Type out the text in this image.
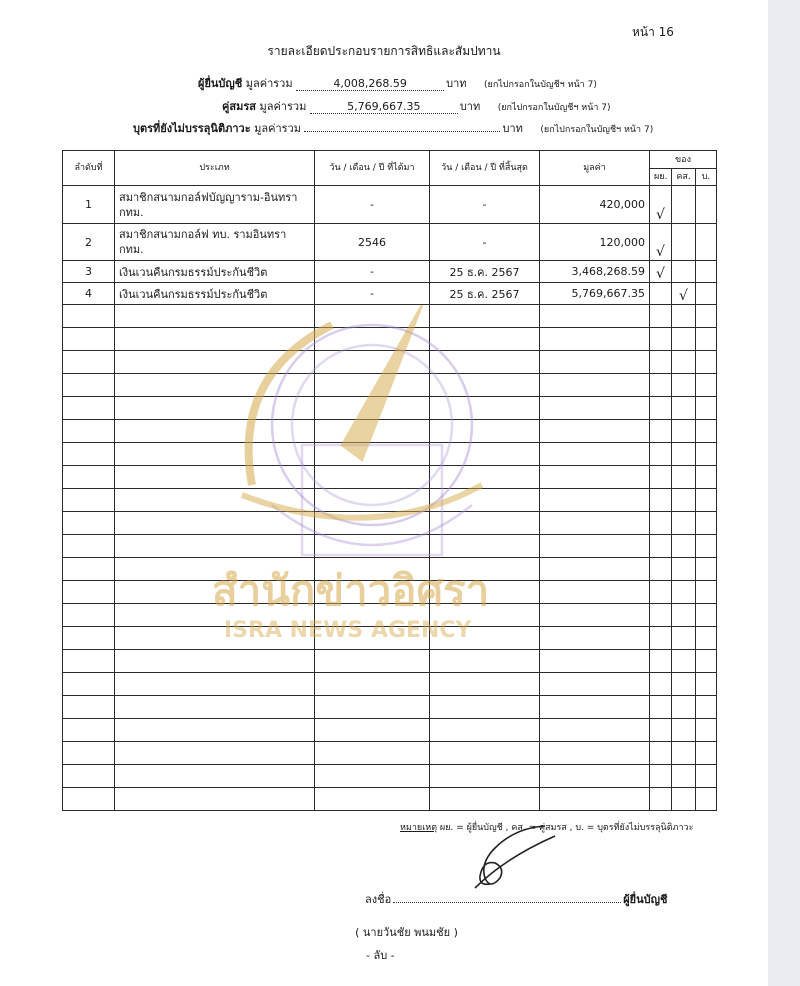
หน้า 16
รายละเอียดประกอบรายการสิทธิและสัมปทาน
ผู้ยื่นบัญชี มูลค่ารวม	4,008,268.59	บาท (ยกไปกรอกในบัญชีฯ หน้า 7)
คู่สมรส มูลค่ารวม	5,769,667.35	บาท (ยกไปกรอกในบัญชีฯ หน้า 7)
บุตรที่ยังไม่บรรลุนิติภาวะ มูลค่ารวม	บาท (ยกไปกรอกในบัญชีฯ หน้า 7)
ลำดับที่	ประเภท	วัน / เดือน / ปี ที่ได้มา	วัน / เดือน / ปี ที่สิ้นสุด	มูลค่า	ของ		
					ผย.	คส.	บ.
1	สมาชิกสนามกอล์ฟบัญญาราม-อินทรา กทม.	-	-	420,000	√		
2	สมาชิกสนามกอล์ฟ ทบ. รามอินทรา กทม.	2546	-	120,000	√		
3	เงินเวนคืนกรมธรรม์ประกันชีวิต	-	25 ธ.ค. 2567	3,468,268.59	√		
4	เงินเวนคืนกรมธรรม์ประกันชีวิต	-	25 ธ.ค. 2567	5,769,667.35		√	

สำนักข่าวอิศรา
ISRA NEWS AGENCY
หมายเหตุ ผย. = ผู้ยื่นบัญชี , คส. = คู่สมรส , บ. = บุตรที่ยังไม่บรรลุนิติภาวะ
ลงชื่อ	ผู้ยื่นบัญชี
( นายวันชัย พนมชัย )
- ลับ -
